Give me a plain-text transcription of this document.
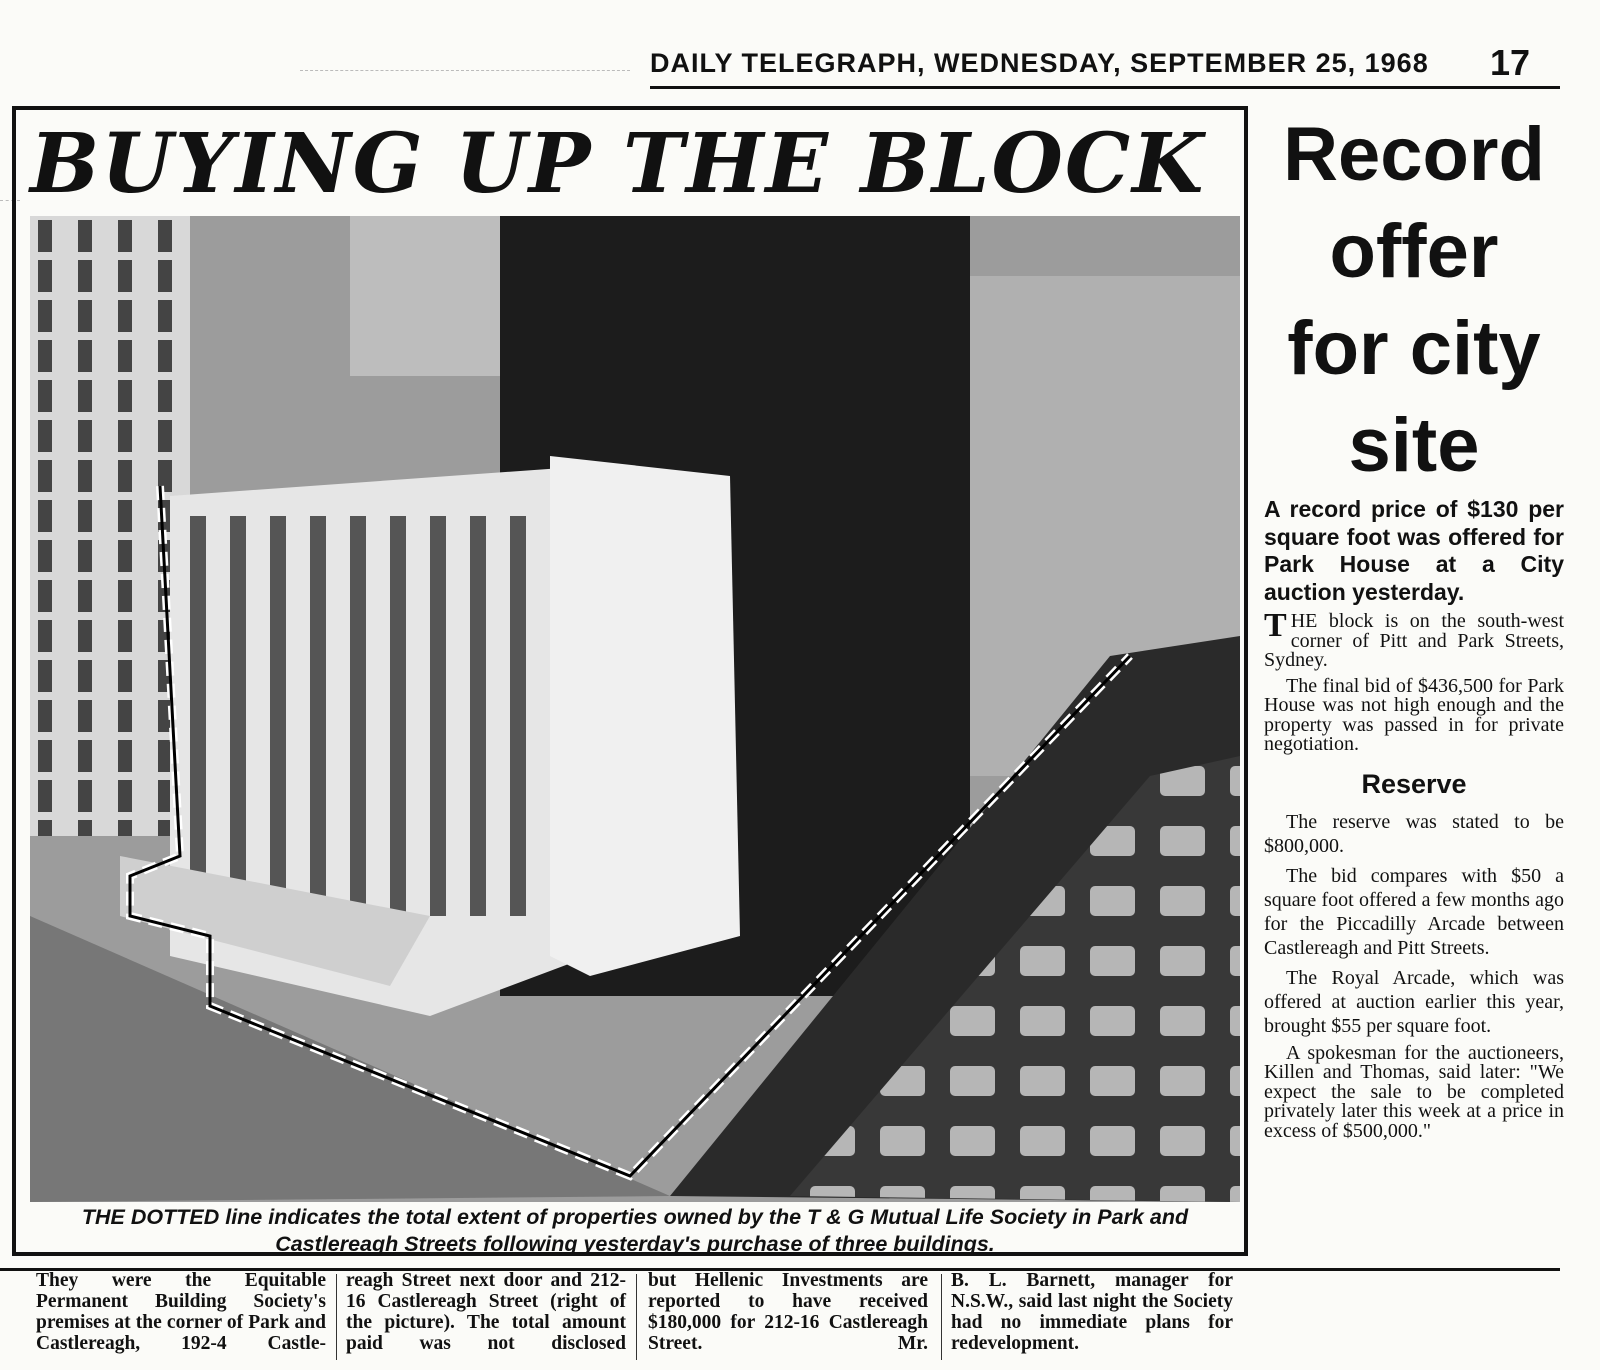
DAILY TELEGRAPH, WEDNESDAY, SEPTEMBER 25, 1968 17
BUYING UP THE BLOCK
THE DOTTED line indicates the total extent of properties owned by the T & G Mutual Life Society in Park and Castlereagh Streets following yesterday's purchase of three buildings.
They were the Equitable Permanent Building Society's premises at the corner of Park and Castlereagh, 192-4 Castle-
reagh Street next door and 212-16 Castlereagh Street (right of the picture). The total amount paid was not disclosed
but Hellenic Investments are reported to have received $180,000 for 212-16 Castlereagh Street. Mr.
B. L. Barnett, manager for N.S.W., said last night the Society had no immediate plans for redevelopment.
Record
offer
for city
site

A record price of $130 per square foot was offered for Park House at a City auction yesterday.

THE block is on the south-west corner of Pitt and Park Streets, Sydney.

The final bid of $436,500 for Park House was not high enough and the property was passed in for private negotiation.

Reserve

The reserve was stated to be $800,000.

The bid compares with $50 a square foot offered a few months ago for the Piccadilly Arcade between Castlereagh and Pitt Streets.

The Royal Arcade, which was offered at auction earlier this year, brought $55 per square foot.

A spokesman for the auctioneers, Killen and Thomas, said later: "We expect the sale to be completed privately later this week at a price in excess of $500,000."
